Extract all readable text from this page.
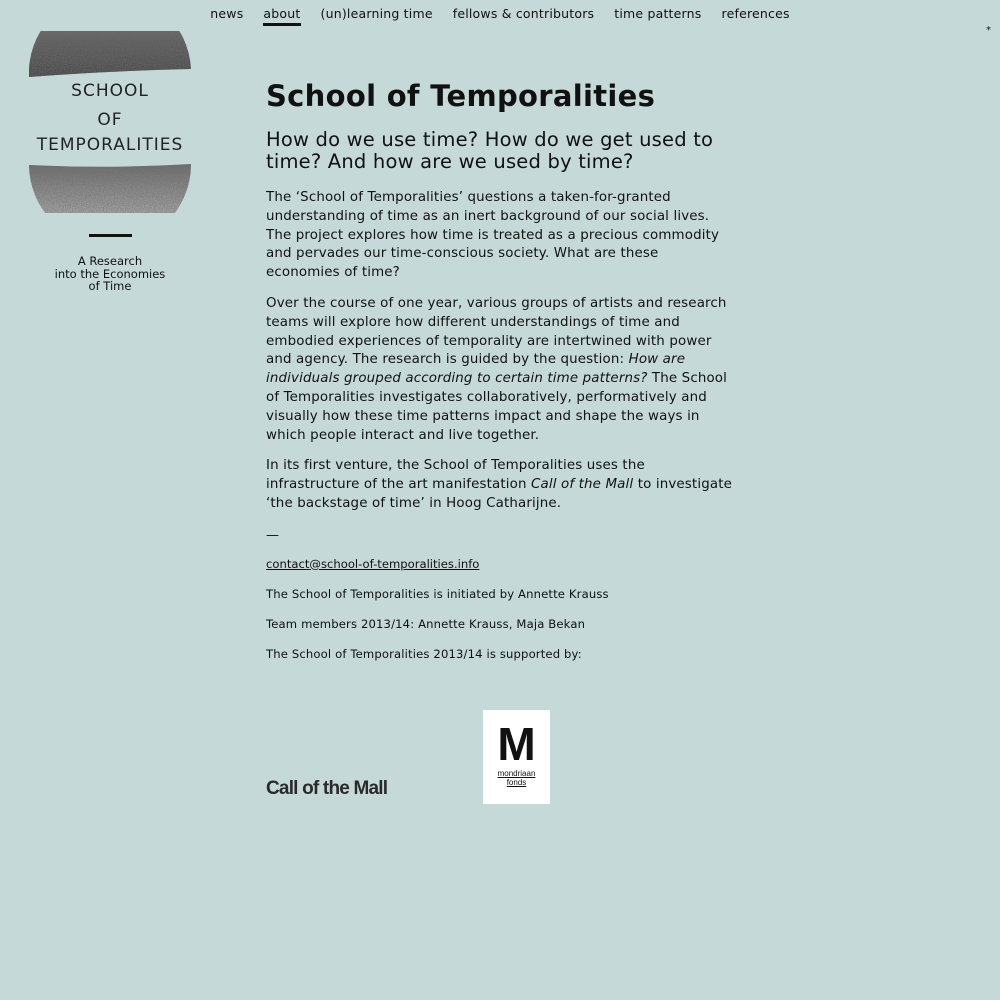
news about (un)learning time fellows & contributors time patterns references
*
SCHOOL
OF
TEMPORALITIES
A Research
into the Economies
of Time
School of Temporalities
How do we use time? How do we get used to time? And how are we used by time?

The ‘School of Temporalities’ questions a taken-for-granted understanding of time as an inert background of our social lives. The project explores how time is treated as a precious commodity and pervades our time-conscious society. What are these economies of time?

Over the course of one year, various groups of artists and research teams will explore how different understandings of time and embodied experiences of temporality are intertwined with power and agency. The research is guided by the question: How are individuals grouped according to certain time patterns? The School of Temporalities investigates collaboratively, performatively and visually how these time patterns impact and shape the ways in which people interact and live together.

In its first venture, the School of Temporalities uses the infrastructure of the art manifestation Call of the Mall to investigate ‘the backstage of time’ in Hoog Catharijne.

—
contact@school-of-temporalities.info
The School of Temporalities is initiated by Annette Krauss
Team members 2013/14: Annette Krauss, Maja Bekan
The School of Temporalities 2013/14 is supported by:
Call of the Mall
M
mondriaan
fonds
